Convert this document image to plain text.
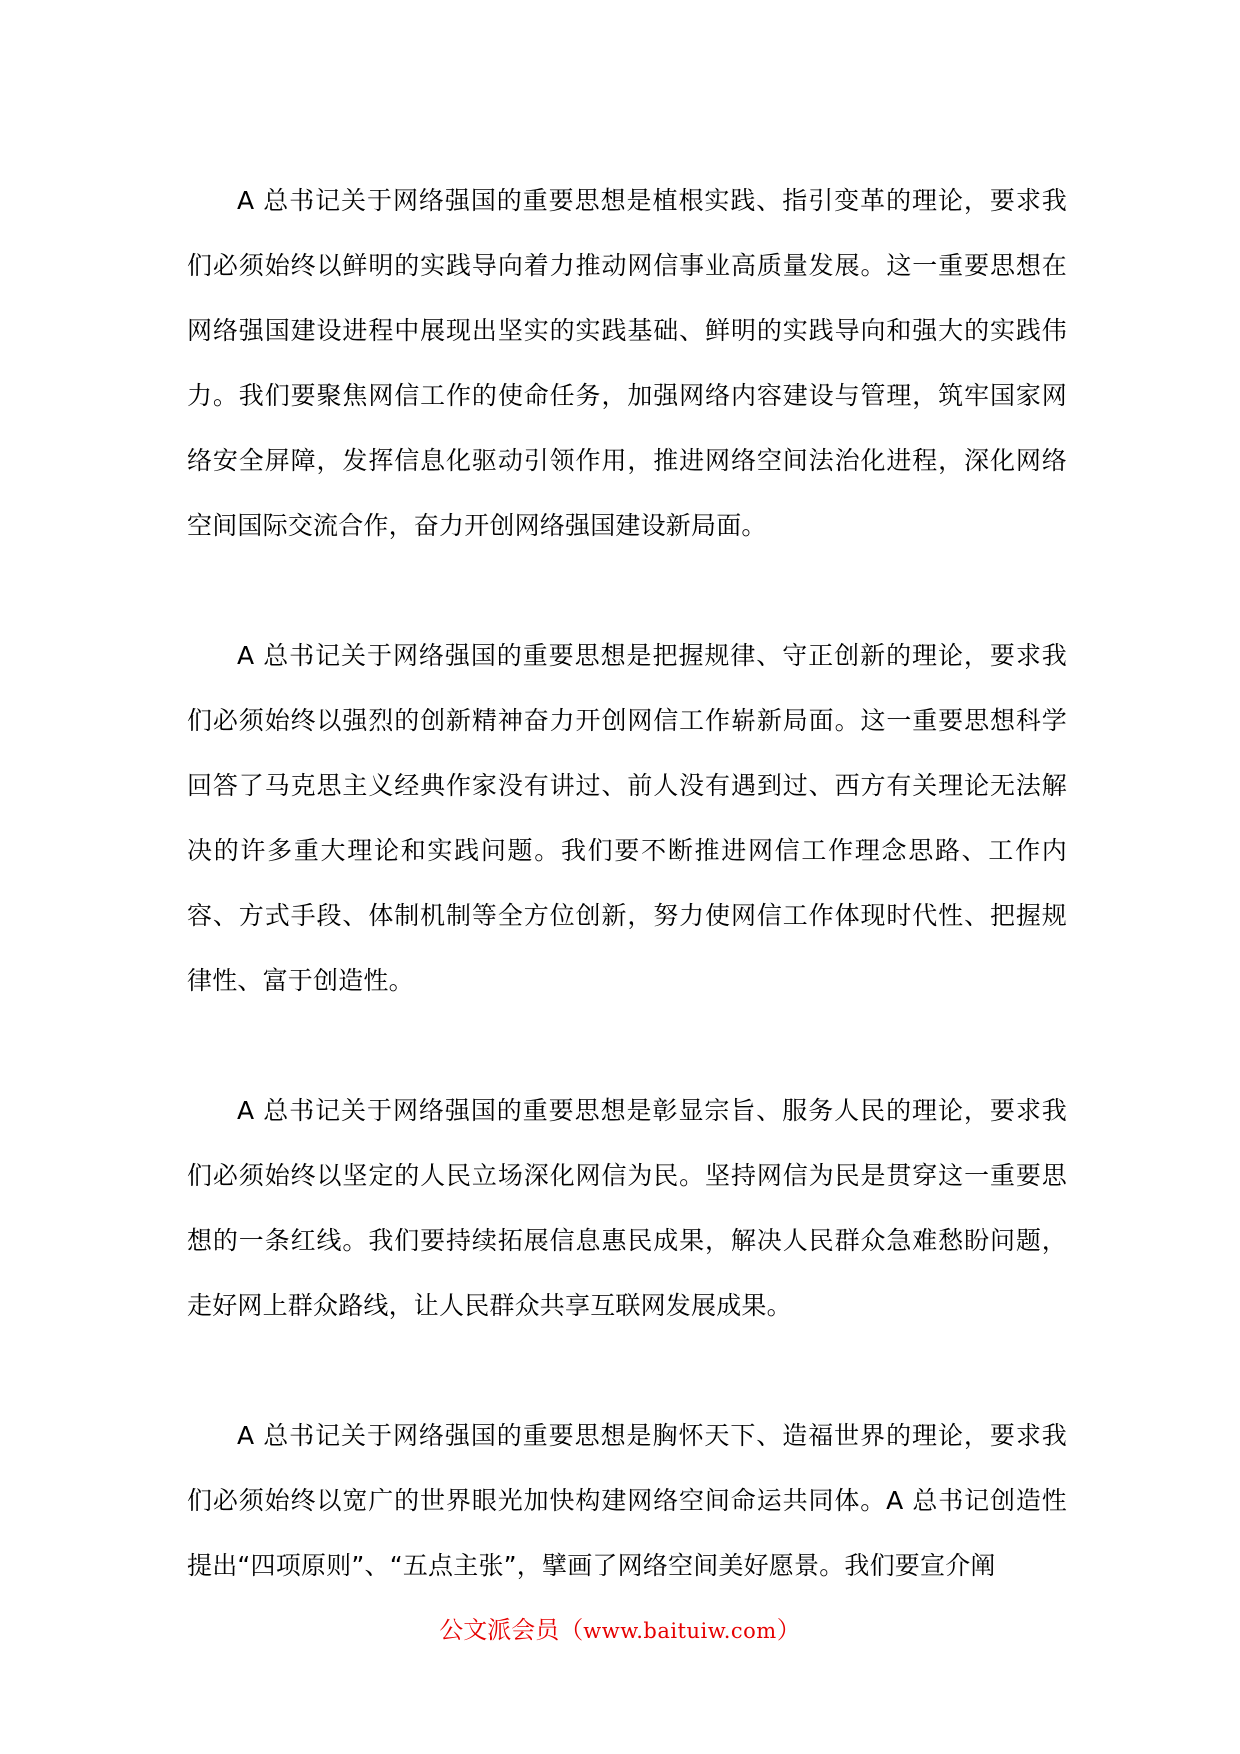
A 总书记关于网络强国的重要思想是植根实践、指引变革的理论，要求我们必须始终以鲜明的实践导向着力推动网信事业高质量发展。这一重要思想在网络强国建设进程中展现出坚实的实践基础、鲜明的实践导向和强大的实践伟力。我们要聚焦网信工作的使命任务，加强网络内容建设与管理，筑牢国家网络安全屏障，发挥信息化驱动引领作用，推进网络空间法治化进程，深化网络空间国际交流合作，奋力开创网络强国建设新局面。

A 总书记关于网络强国的重要思想是把握规律、守正创新的理论，要求我们必须始终以强烈的创新精神奋力开创网信工作崭新局面。这一重要思想科学回答了马克思主义经典作家没有讲过、前人没有遇到过、西方有关理论无法解决的许多重大理论和实践问题。我们要不断推进网信工作理念思路、工作内容、方式手段、体制机制等全方位创新，努力使网信工作体现时代性、把握规律性、富于创造性。

A 总书记关于网络强国的重要思想是彰显宗旨、服务人民的理论，要求我们必须始终以坚定的人民立场深化网信为民。坚持网信为民是贯穿这一重要思想的一条红线。我们要持续拓展信息惠民成果，解决人民群众急难愁盼问题，走好网上群众路线，让人民群众共享互联网发展成果。

A 总书记关于网络强国的重要思想是胸怀天下、造福世界的理论，要求我们必须始终以宽广的世界眼光加快构建网络空间命运共同体。A 总书记创造性提出“四项原则”、“五点主张”，擘画了网络空间美好愿景。我们要宣介阐

公文派会员（www.baituiw.com）
